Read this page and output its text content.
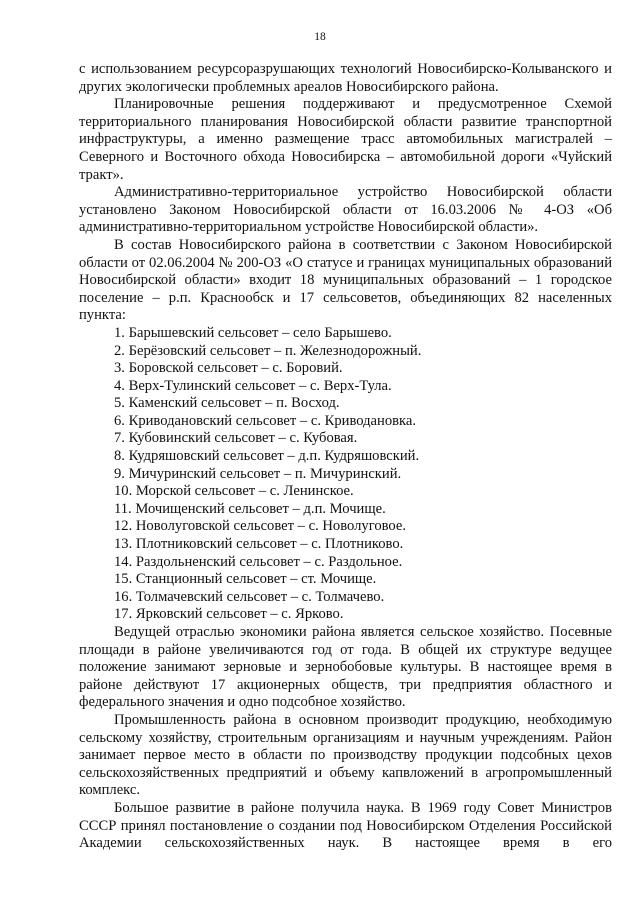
18

с использованием ресурсоразрушающих технологий Новосибирско-Колыванского и других экологически проблемных ареалов Новосибирского района.

Планировочные решения поддерживают и предусмотренное Схемой территориального планирования Новосибирской области развитие транспортной инфраструктуры, а именно размещение трасс автомобильных магистралей – Северного и Восточного обхода Новосибирска – автомобильной дороги «Чуйский тракт».

Административно-территориальное устройство Новосибирской области установлено Законом Новосибирской области от 16.03.2006 № 4-ОЗ «Об административно-территориальном устройстве Новосибирской области».

В состав Новосибирского района в соответствии с Законом Новосибирской области от 02.06.2004 № 200-ОЗ «О статусе и границах муниципальных образований Новосибирской области» входит 18 муниципальных образований – 1 городское поселение – р.п. Краснообск и 17 сельсоветов, объединяющих 82 населенных пункта:

1. Барышевский сельсовет – село Барышево.
2. Берёзовский сельсовет – п. Железнодорожный.
3. Боровской сельсовет – с. Боровий.
4. Верх-Тулинский сельсовет – с. Верх-Тула.
5. Каменский сельсовет – п. Восход.
6. Криводановский сельсовет – с. Криводановка.
7. Кубовинский сельсовет – с. Кубовая.
8. Кудряшовский сельсовет – д.п. Кудряшовский.
9. Мичуринский сельсовет – п. Мичуринский.
10. Морской сельсовет – с. Ленинское.
11. Мочищенский сельсовет – д.п. Мочище.
12. Новолуговской сельсовет – с. Новолуговое.
13. Плотниковский сельсовет – с. Плотниково.
14. Раздольненский сельсовет – с. Раздольное.
15. Станционный сельсовет – ст. Мочище.
16. Толмачевский сельсовет – с. Толмачево.
17. Ярковский сельсовет – с. Ярково.

Ведущей отраслью экономики района является сельское хозяйство. Посевные площади в районе увеличиваются год от года. В общей их структуре ведущее положение занимают зерновые и зернобобовые культуры. В настоящее время в районе действуют 17 акционерных обществ, три предприятия областного и федерального значения и одно подсобное хозяйство.

Промышленность района в основном производит продукцию, необходимую сельскому хозяйству, строительным организациям и научным учреждениям. Район занимает первое место в области по производству продукции подсобных цехов сельскохозяйственных предприятий и объему капвложений в агропромышленный комплекс.

Большое развитие в районе получила наука. В 1969 году Совет Министров СССР принял постановление о создании под Новосибирском Отделения Российской Академии сельскохозяйственных наук. В настоящее время в его
